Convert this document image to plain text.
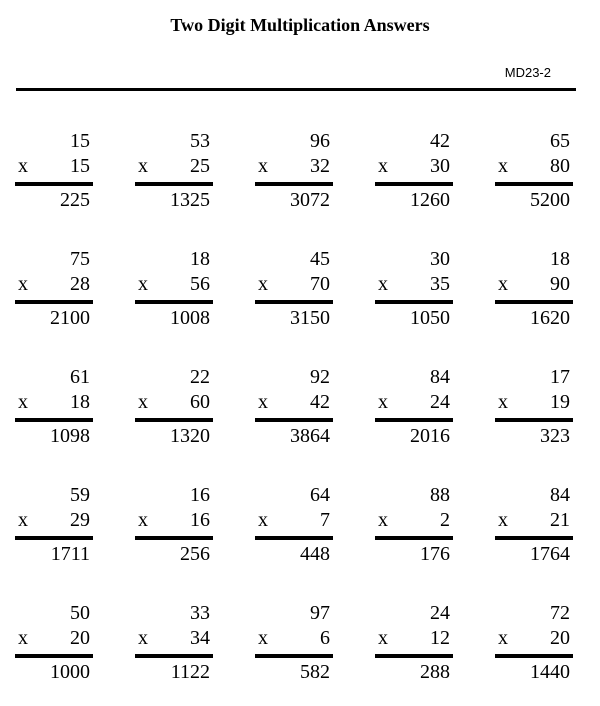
Two Digit Multiplication Answers
MD23-2
15
x 15
225
53
x 25
1325
96
x 32
3072
42
x 30
1260
65
x 80
5200
75
x 28
2100
18
x 56
1008
45
x 70
3150
30
x 35
1050
18
x 90
1620
61
x 18
1098
22
x 60
1320
92
x 42
3864
84
x 24
2016
17
x 19
323
59
x 29
1711
16
x 16
256
64
x	7
448
88
x	2
176
84
x 21
1764
50
x 20
1000
33
x 34
1122
97
x	6
582
24
x 12
288
72
x 20
1440
